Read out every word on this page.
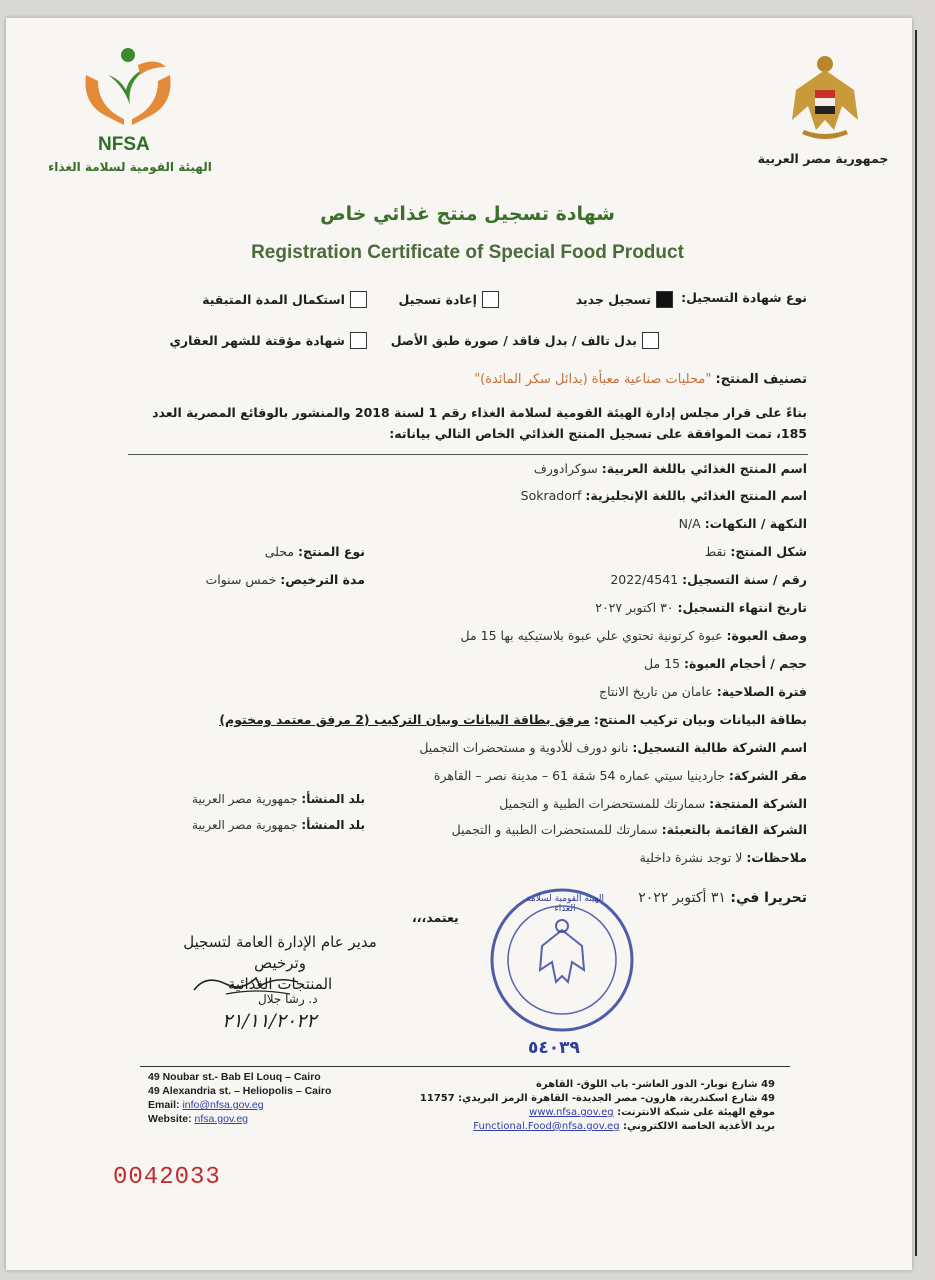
NFSA
الهيئة القومية لسلامة الغذاء
جمهورية مصر العربية
شهادة تسجيل منتج غذائي خاص
Registration Certificate of Special Food Product
نوع شهادة التسجيل:
تسجيل جديد
إعادة تسجيل
استكمال المدة المتبقية
بدل تالف / بدل فاقد / صورة طبق الأصل
شهادة مؤقتة للشهر العقاري
تصنيف المنتج: "محليات صناعية معبأة (بدائل سكر المائدة)"
بناءً على قرار مجلس إدارة الهيئة القومية لسلامة الغذاء رقم 1 لسنة 2018 والمنشور بالوقائع المصرية العدد
185، تمت الموافقة على تسجيل المنتج الغذائي الخاص التالي بياناته:
اسم المنتج الغذائي باللغة العربية: سوكرادورف
اسم المنتج الغذائي باللغة الإنجليزية: Sokradorf
النكهة / النكهات: N/A
شكل المنتج: نقط
نوع المنتج: محلى
رقم / سنة التسجيل: 2022/4541
مدة الترخيص: خمس سنوات
تاريخ انتهاء التسجيل: ٣٠ اكتوبر ٢٠٢٧
وصف العبوة: عبوة كرتونية تحتوي علي عبوة بلاستيكيه بها 15 مل
حجم / أحجام العبوة: 15 مل
فترة الصلاحية: عامان من تاريخ الانتاج
بطاقة البيانات وبيان تركيب المنتج: مرفق بطاقة البيانات وبيان التركيب (2 مرفق معتمد ومختوم)
اسم الشركة طالبة التسجيل: نانو دورف للأدوية و مستحضرات التجميل
مقر الشركة: جاردينيا سيتي عماره 54 شقة 61 – مدينة نصر – القاهرة
الشركة المنتجة: سمارتك للمستحضرات الطبية و التجميل
بلد المنشأ: جمهورية مصر العربية
الشركة القائمة بالتعبئة: سمارتك للمستحضرات الطبية و التجميل
بلد المنشأ: جمهورية مصر العربية
ملاحظات: لا توجد نشرة داخلية
تحريرا في: ٣١ أكتوبر ٢٠٢٢
يعتمد،،،
مدير عام الإدارة العامة لتسجيل وترخيص
المنتجات الغذائية
د. رشا جلال
٢١/١١/٢٠٢٢
الهيئة القومية لسلامة الغذاء
٥٤٠٣٩
49 Noubar st.- Bab El Louq – Cairo
49 Alexandria st. – Heliopolis – Cairo
Email: info@nfsa.gov.eg
Website: nfsa.gov.eg
49 شارع نوبار- الدور العاشر- باب اللوق- القاهرة
49 شارع اسكندرية، هارون- مصر الجديدة- القاهرة الرمز البريدي: 11757
موقع الهيئة على شبكة الانترنت: www.nfsa.gov.eg
بريد الأغذية الخاصة الالكتروني: Functional.Food@nfsa.gov.eg
0042033
